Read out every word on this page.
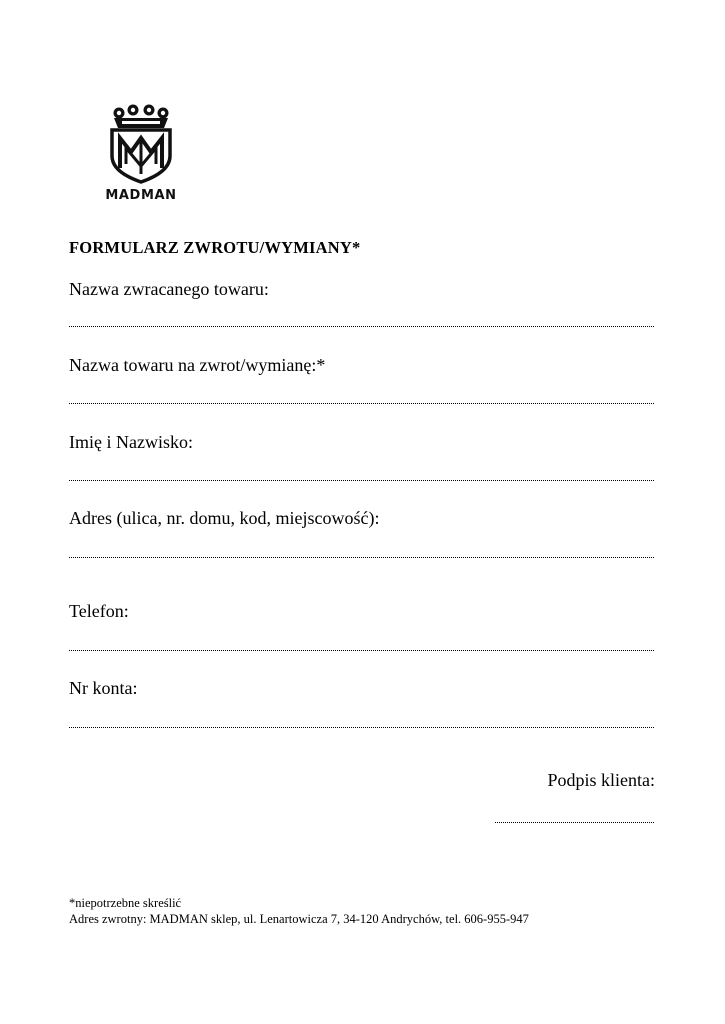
MADMAN
FORMULARZ ZWROTU/WYMIANY*
Nazwa zwracanego towaru:
Nazwa towaru na zwrot/wymianę:*
Imię i Nazwisko:
Adres (ulica, nr. domu, kod, miejscowość):
Telefon:
Nr konta:
Podpis klienta:
*niepotrzebne skreślić
Adres zwrotny: MADMAN sklep, ul. Lenartowicza 7, 34-120 Andrychów, tel. 606-955-947
